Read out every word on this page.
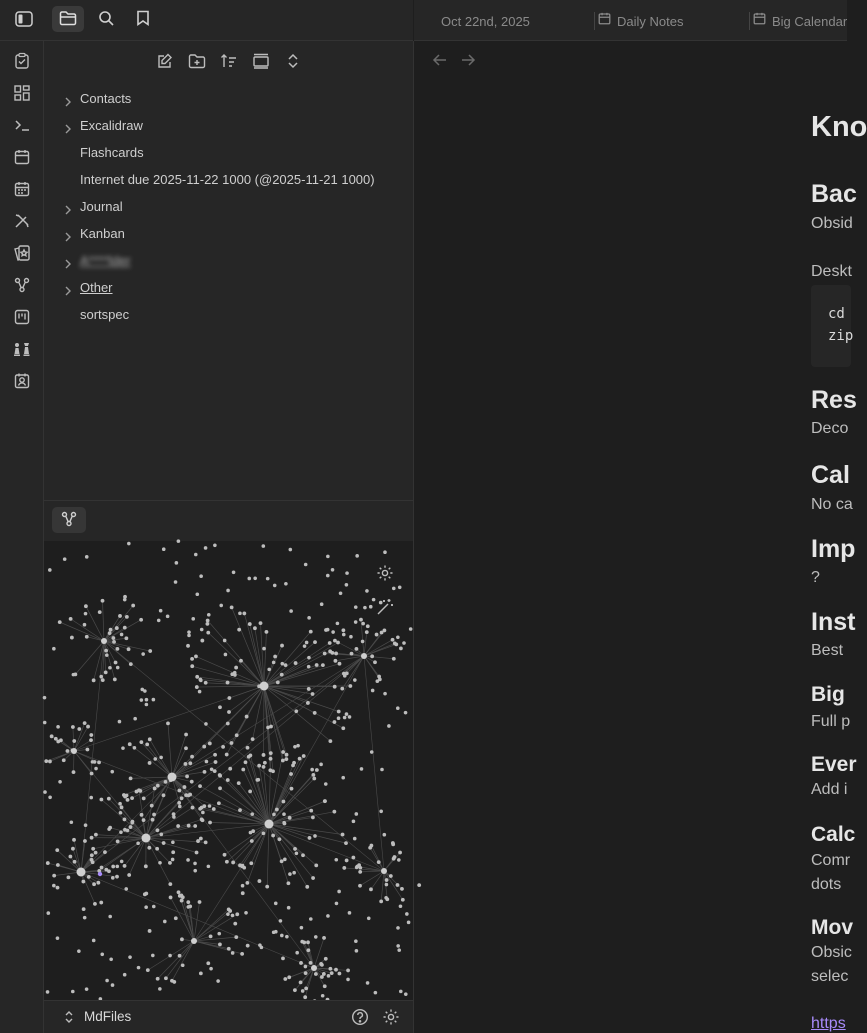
Contacts
Excalidraw
Flashcards
Internet due 2025-11-22 1000 (@2025-11-21 1000)
Journal
Kanban
A****lder
Other
sortspec
MdFiles
Oct 22nd, 2025	Daily Notes	Big Calendar
Kno
Bac
Obsid
Deskt
cd
zip
Res
Deco
Cal
No ca
Imp
?
Inst
Best
Big
Full p
Ever
Add i
Calc
Comr
dots
Mov
Obsic
selec
https
